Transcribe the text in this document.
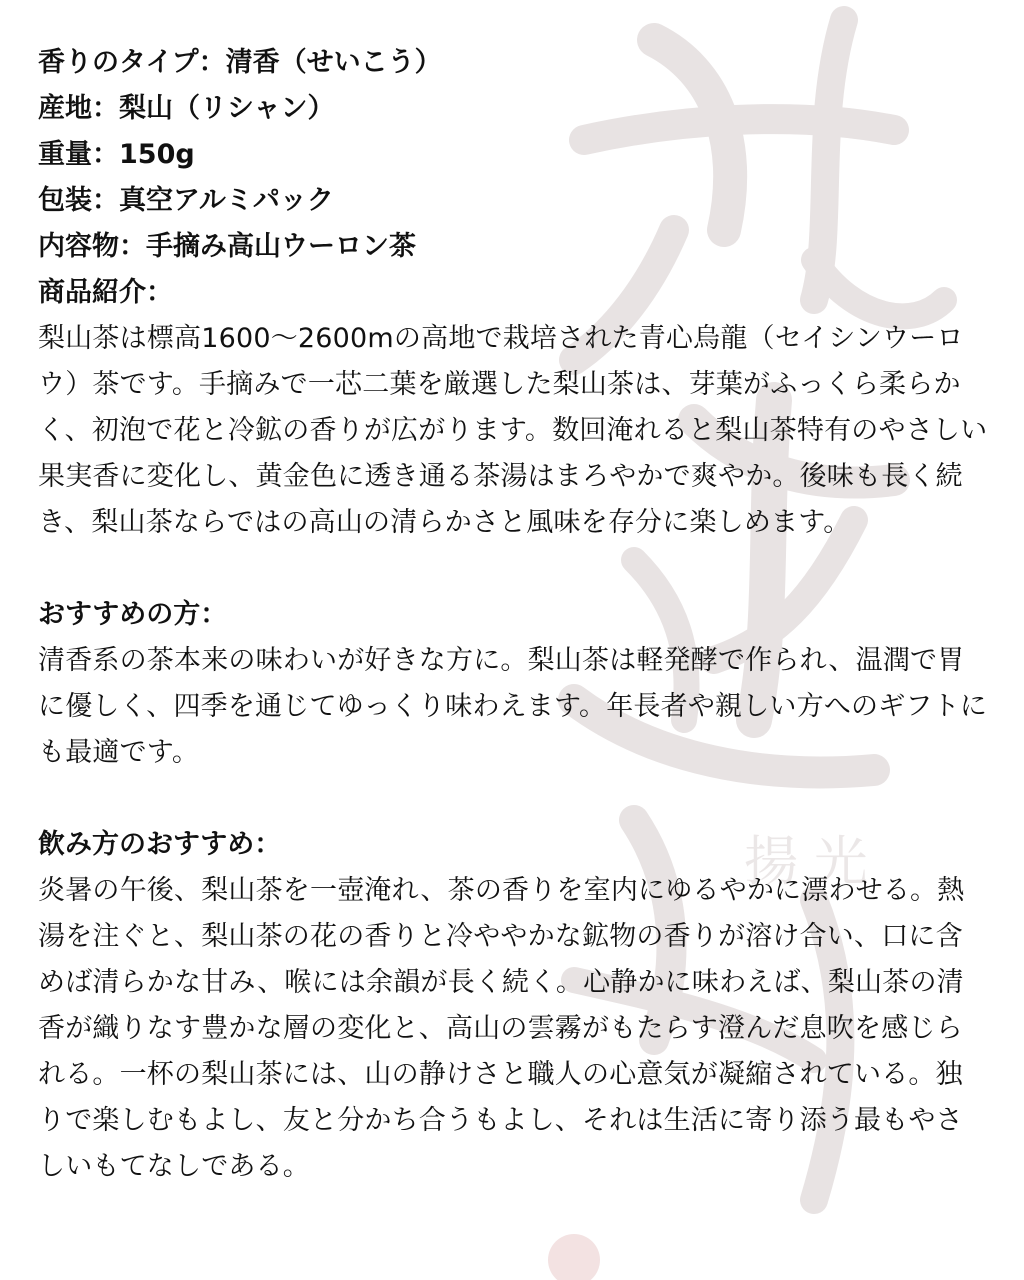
揚 光

香りのタイプ：清香（せいこう）

産地：梨山（リシャン）

重量：150g

包装：真空アルミパック

内容物：手摘み高山ウーロン茶

商品紹介：

梨山茶は標高1600〜2600mの高地で栽培された青心烏龍（セイシンウーロウ）茶です。手摘みで一芯二葉を厳選した梨山茶は、芽葉がふっくら柔らかく、初泡で花と冷鉱の香りが広がります。数回淹れると梨山茶特有のやさしい果実香に変化し、黄金色に透き通る茶湯はまろやかで爽やか。後味も長く続き、梨山茶ならではの高山の清らかさと風味を存分に楽しめます。

おすすめの方：

清香系の茶本来の味わいが好きな方に。梨山茶は軽発酵で作られ、温潤で胃に優しく、四季を通じてゆっくり味わえます。年長者や親しい方へのギフトにも最適です。

飲み方のおすすめ：

炎暑の午後、梨山茶を一壺淹れ、茶の香りを室内にゆるやかに漂わせる。熱湯を注ぐと、梨山茶の花の香りと冷ややかな鉱物の香りが溶け合い、口に含めば清らかな甘み、喉には余韻が長く続く。心静かに味わえば、梨山茶の清香が織りなす豊かな層の変化と、高山の雲霧がもたらす澄んだ息吹を感じられる。一杯の梨山茶には、山の静けさと職人の心意気が凝縮されている。独りで楽しむもよし、友と分かち合うもよし、それは生活に寄り添う最もやさしいもてなしである。
